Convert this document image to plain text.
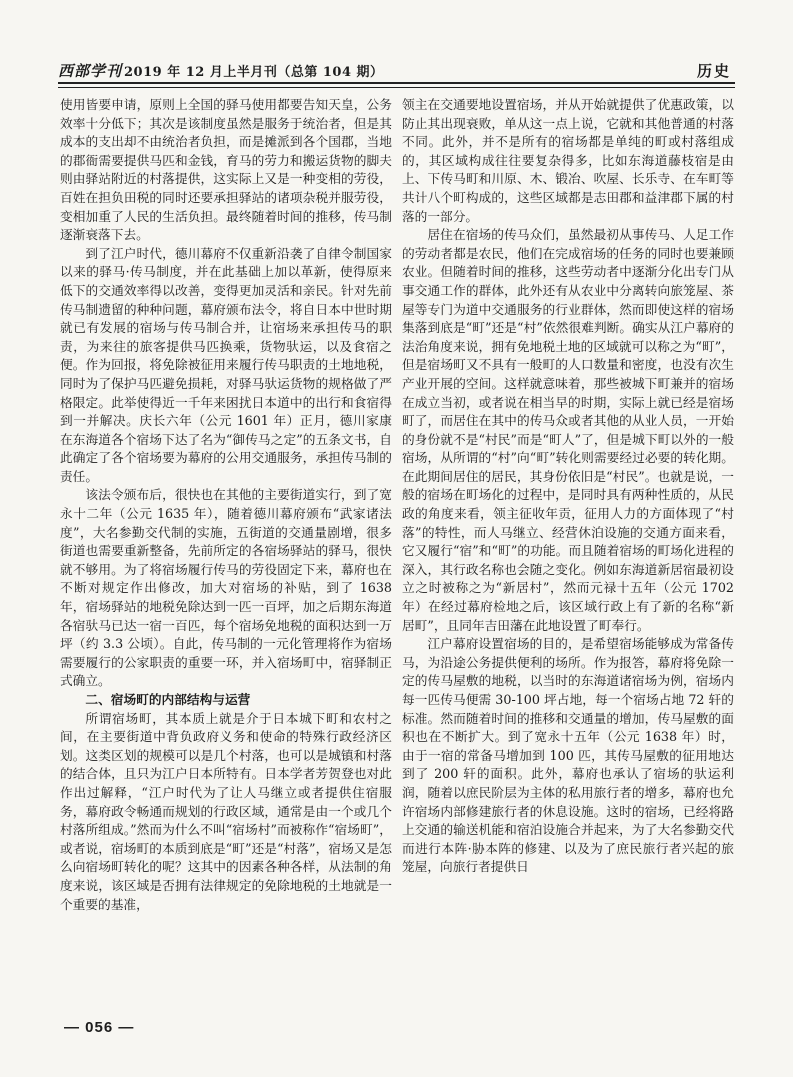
西部学刊 2019 年 12 月上半月刊（总第 104 期）	历史

使用皆要申请，原则上全国的驿马使用都要告知天皇，公务效率十分低下；其次是该制度虽然是服务于统治者，但是其成本的支出却不由统治者负担，而是摊派到各个国郡，当地的郡衙需要提供马匹和金钱，育马的劳力和搬运货物的脚夫则由驿站附近的村落提供，这实际上又是一种变相的劳役，百姓在担负田税的同时还要承担驿站的诸项杂税并服劳役，变相加重了人民的生活负担。最终随着时间的推移，传马制逐渐衰落下去。

到了江户时代，德川幕府不仅重新沿袭了自律令制国家以来的驿马·传马制度，并在此基础上加以革新，使得原来低下的交通效率得以改善，变得更加灵活和亲民。针对先前传马制遗留的种种问题，幕府颁布法令，将自日本中世时期就已有发展的宿场与传马制合并，让宿场来承担传马的职责，为来往的旅客提供马匹换乘，货物驮运，以及食宿之便。作为回报，将免除被征用来履行传马职责的土地地税，同时为了保护马匹避免损耗，对驿马驮运货物的规格做了严格限定。此举使得近一千年来困扰日本道中的出行和食宿得到一并解决。庆长六年（公元 1601 年）正月，德川家康在东海道各个宿场下达了名为“御传马之定”的五条文书，自此确定了各个宿场要为幕府的公用交通服务，承担传马制的责任。

该法令颁布后，很快也在其他的主要街道实行，到了宽永十二年（公元 1635 年），随着德川幕府颁布“武家诸法度”，大名参勤交代制的实施，五街道的交通量剧增，很多街道也需要重新整备，先前所定的各宿场驿站的驿马，很快就不够用。为了将宿场履行传马的劳役固定下来，幕府也在不断对规定作出修改，加大对宿场的补贴，到了 1638 年，宿场驿站的地税免除达到一匹一百坪，加之后期东海道各宿驮马已达一宿一百匹，每个宿场免地税的面积达到一万坪（约 3.3 公顷）。自此，传马制的一元化管理将作为宿场需要履行的公家职责的重要一环，并入宿场町中，宿驿制正式确立。

二、宿场町的内部结构与运营

所谓宿场町，其本质上就是介于日本城下町和农村之间，在主要街道中背负政府义务和使命的特殊行政经济区划。这类区划的规模可以是几个村落，也可以是城镇和村落的结合体，且只为江户日本所特有。日本学者芳贺登也对此作出过解释，“江户时代为了让人马继立或者提供住宿服务，幕府政令畅通而规划的行政区域，通常是由一个或几个村落所组成。”然而为什么不叫“宿场村”而被称作“宿场町”，或者说，宿场町的本质到底是“町”还是“村落”，宿场又是怎么向宿场町转化的呢？这其中的因素各种各样，从法制的角度来说，该区域是否拥有法律规定的免除地税的土地就是一个重要的基准，

领主在交通要地设置宿场，并从开始就提供了优惠政策，以防止其出现衰败，单从这一点上说，它就和其他普通的村落不同。此外，并不是所有的宿场都是单纯的町或村落组成的，其区域构成往往要复杂得多，比如东海道藤枝宿是由上、下传马町和川原、木、锻冶、吹屋、长乐寺、在车町等共计八个町构成的，这些区域都是志田郡和益津郡下属的村落的一部分。

居住在宿场的传马众们，虽然最初从事传马、人足工作的劳动者都是农民，他们在完成宿场的任务的同时也要兼顾农业。但随着时间的推移，这些劳动者中逐渐分化出专门从事交通工作的群体，此外还有从农业中分离转向旅笼屋、茶屋等专门为道中交通服务的行业群体，然而即使这样的宿场集落到底是“町”还是“村”依然很难判断。确实从江户幕府的法治角度来说，拥有免地税土地的区域就可以称之为“町”，但是宿场町又不具有一般町的人口数量和密度，也没有次生产业开展的空间。这样就意味着，那些被城下町兼并的宿场在成立当初，或者说在相当早的时期，实际上就已经是宿场町了，而居住在其中的传马众或者其他的从业人员，一开始的身份就不是“村民”而是“町人”了，但是城下町以外的一般宿场，从所谓的“村”向“町”转化则需要经过必要的转化期。在此期间居住的居民，其身份依旧是“村民”。也就是说，一般的宿场在町场化的过程中，是同时具有两种性质的，从民政的角度来看，领主征收年贡，征用人力的方面体现了“村落”的特性，而人马继立、经营休泊设施的交通方面来看，它又履行“宿”和“町”的功能。而且随着宿场的町场化进程的深入，其行政名称也会随之变化。例如东海道新居宿最初设立之时被称之为“新居村”，然而元禄十五年（公元 1702 年）在经过幕府检地之后，该区域行政上有了新的名称“新居町”，且同年吉田藩在此地设置了町奉行。

江户幕府设置宿场的目的，是希望宿场能够成为常备传马，为沿途公务提供便利的场所。作为报答，幕府将免除一定的传马屋敷的地税，以当时的东海道诸宿场为例，宿场内每一匹传马便需 30-100 坪占地，每一个宿场占地 72 轩的标准。然而随着时间的推移和交通量的增加，传马屋敷的面积也在不断扩大。到了宽永十五年（公元 1638 年）时，由于一宿的常备马增加到 100 匹，其传马屋敷的征用地达到了 200 轩的面积。此外，幕府也承认了宿场的驮运利润，随着以庶民阶层为主体的私用旅行者的增多，幕府也允许宿场内部修建旅行者的休息设施。这时的宿场，已经将路上交通的输送机能和宿泊设施合并起来，为了大名参勤交代而进行本阵·胁本阵的修建、以及为了庶民旅行者兴起的旅笼屋，向旅行者提供日

— 056 —
